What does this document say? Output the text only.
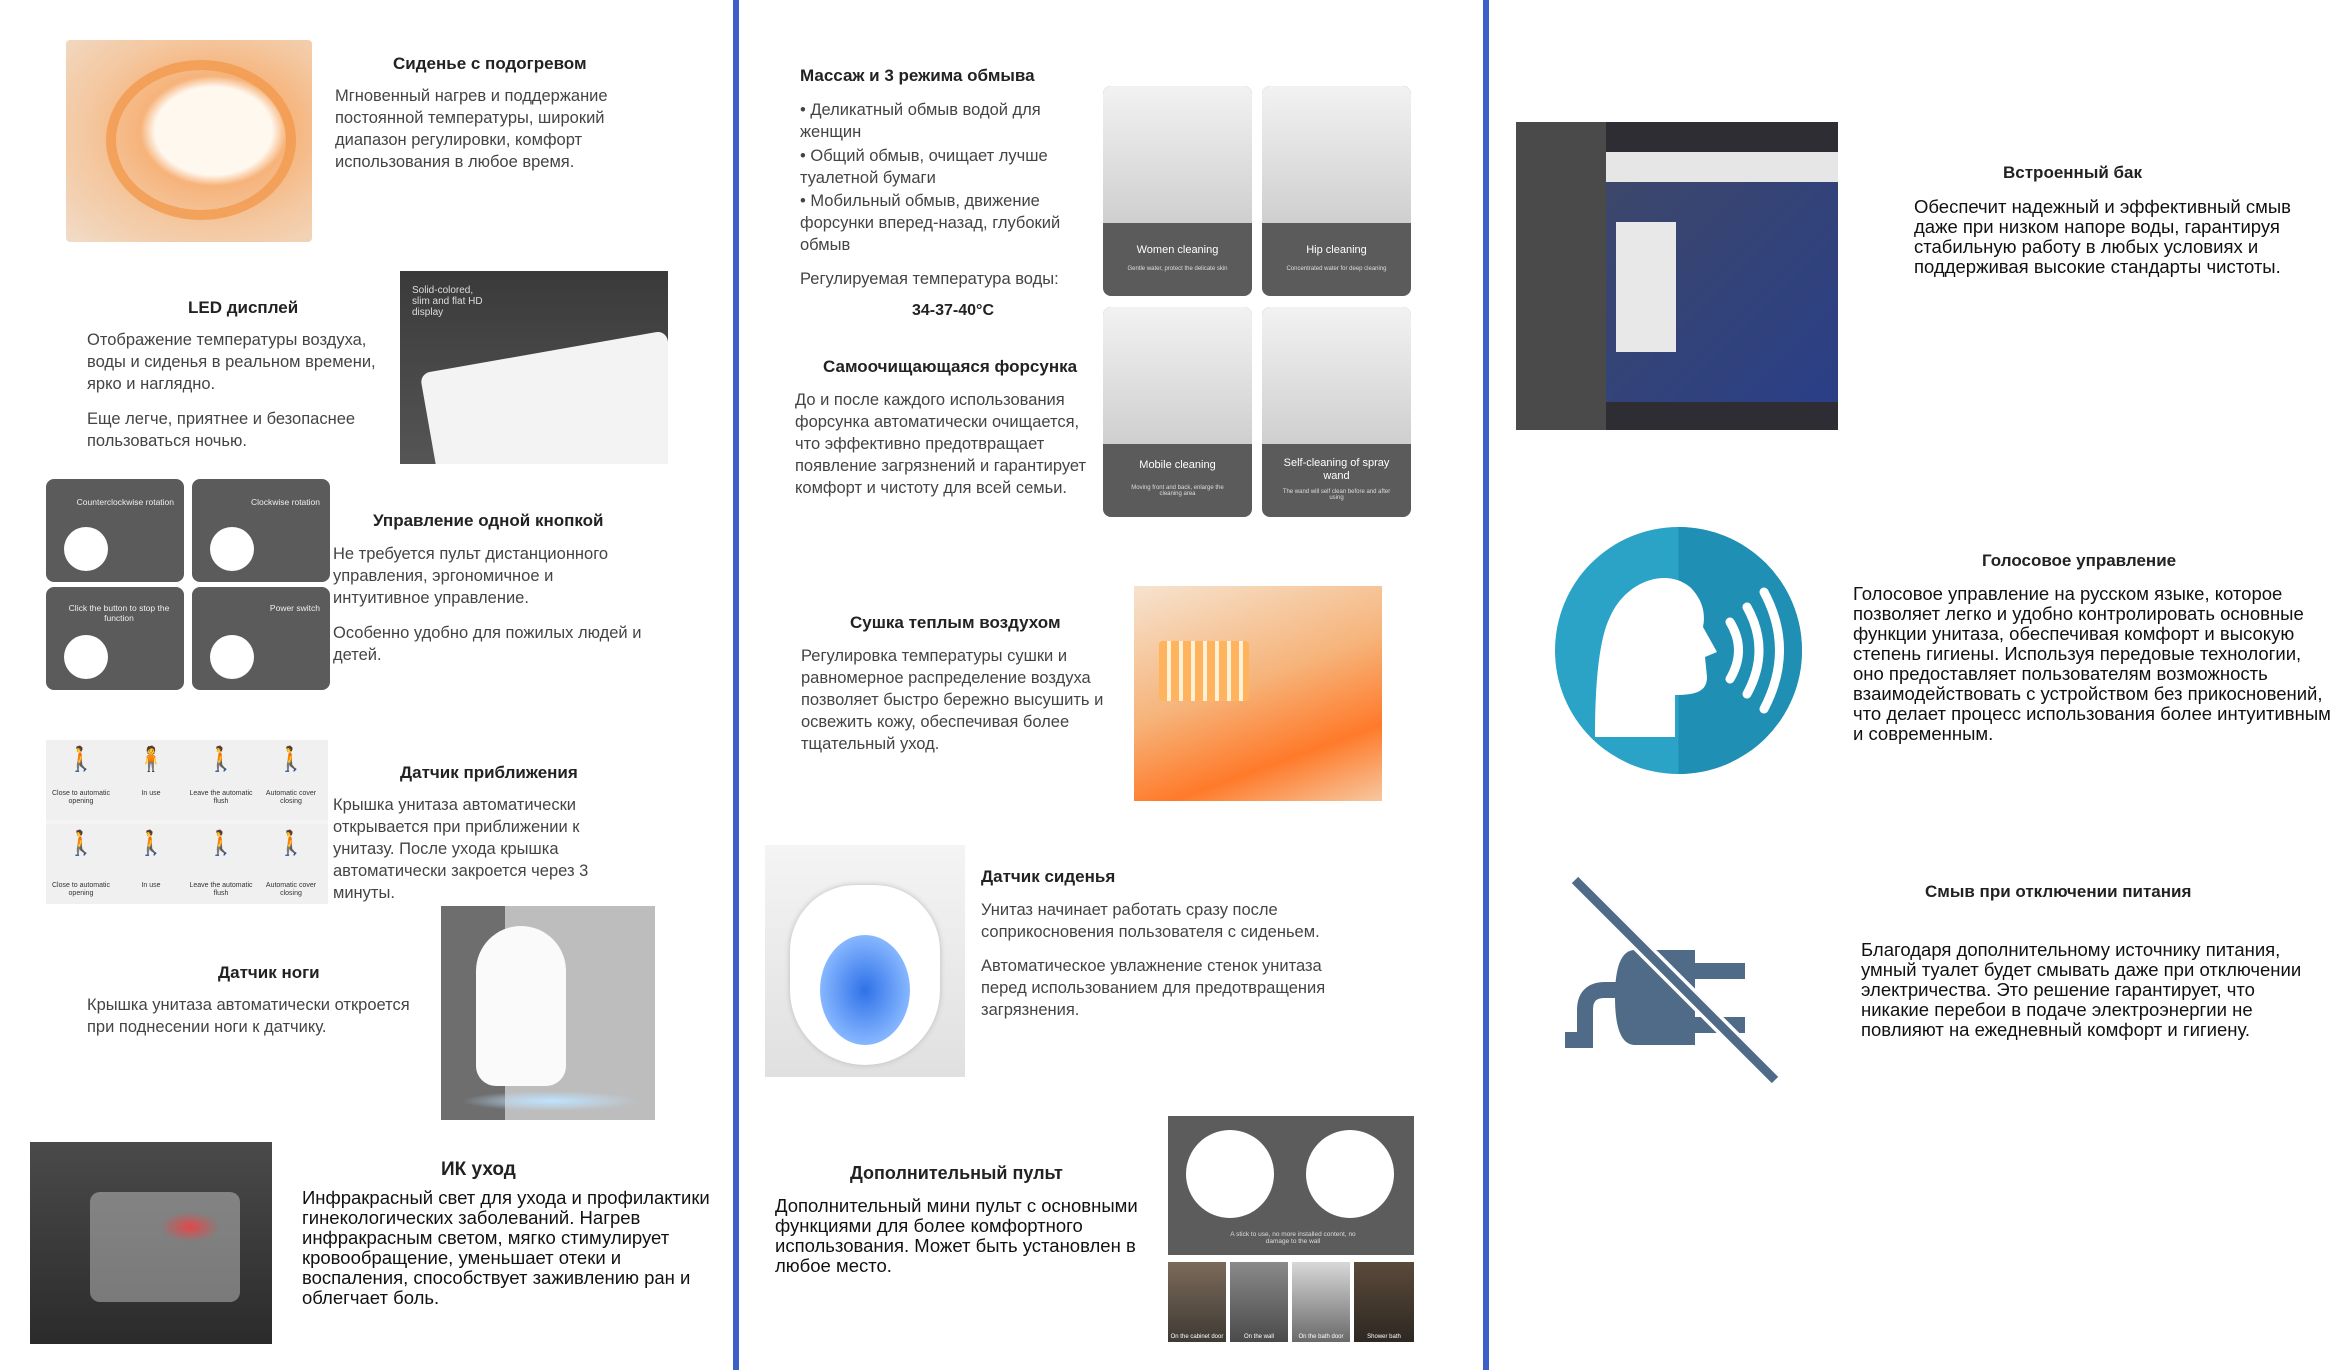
Сиденье с подогревом
Мгновенный нагрев и поддержание постоянной температуры, широкий диапазон регулировки, комфорт использования в любое время.
LED дисплей
Отображение температуры воздуха, воды и сиденья в реальном времени, ярко и наглядно.
Еще легче, приятнее и безопаснее пользоваться ночью.
Solid-colored, slim and flat HD display
Counterclockwise rotation	Clockwise rotation
Click the button to stop the function
Power switch
Управление одной кнопкой
Не требуется пульт дистанционного управления, эргономичное и интуитивное управление.
Особенно удобно для пожилых людей и детей.
🚶 🧍 🚶 🚶
Close to automatic opening
In use	Leave the automatic flush
Automatic cover closing
🚶 🚶 🚶 🚶
Close to automatic opening
In use	Leave the automatic flush
Automatic cover closing
Датчик приближения
Крышка унитаза автоматически открывается при приближении к унитазу. После ухода крышка автоматически закроется через 3 минуты.
Датчик ноги
Крышка унитаза автоматически откроется при поднесении ноги к датчику.
ИК уход
Инфракрасный свет для ухода и профилактики гинекологических заболеваний. Нагрев инфракрасным светом, мягко стимулирует кровообращение, уменьшает отеки и воспаления, способствует заживлению ран и облегчает боль.
Массаж и 3 режима обмыва
• Деликатный обмыв водой для женщин
• Общий обмыв, очищает лучше туалетной бумаги
• Мобильный обмыв, движение форсунки вперед-назад, глубокий обмыв
Регулируемая температура воды:
34-37-40°C
Women cleaning
Gentle water, protect the delicate skin
Hip cleaning
Concentrated water for deep cleaning
Mobile cleaning
Moving front and back, enlarge the cleaning area
Self-cleaning of spray wand
The wand will self clean before and after using
Самоочищающаяся форсунка
До и после каждого использования форсунка автоматически очищается, что эффективно предотвращает появление загрязнений и гарантирует комфорт и чистоту для всей семьи.
Сушка теплым воздухом
Регулировка температуры сушки и равномерное распределение воздуха позволяет быстро бережно высушить и освежить кожу, обеспечивая более тщательный уход.
Датчик сиденья
Унитаз начинает работать сразу после соприкосновения пользователя с сиденьем.
Автоматическое увлажнение стенок унитаза перед использованием для предотвращения загрязнения.
Дополнительный пульт
Дополнительный мини пульт с основными функциями для более комфортного использования. Может быть установлен в любое место.
A stick to use, no more installed content, no damage to the wall
On the cabinet door	On the wall	On the bath door	Shower bath
Встроенный бак
Обеспечит надежный и эффективный смыв даже при низком напоре воды, гарантируя стабильную работу в любых условиях и поддерживая высокие стандарты чистоты.
Голосовое управление
Голосовое управление на русском языке, которое позволяет легко и удобно контролировать основные функции унитаза, обеспечивая комфорт и высокую степень гигиены. Используя передовые технологии, оно предоставляет пользователям возможность взаимодействовать с устройством без прикосновений, что делает процесс использования более интуитивным и современным.
Смыв при отключении питания
Благодаря дополнительному источнику питания, умный туалет будет смывать даже при отключении электричества. Это решение гарантирует, что никакие перебои в подаче электроэнергии не повлияют на ежедневный комфорт и гигиену.
